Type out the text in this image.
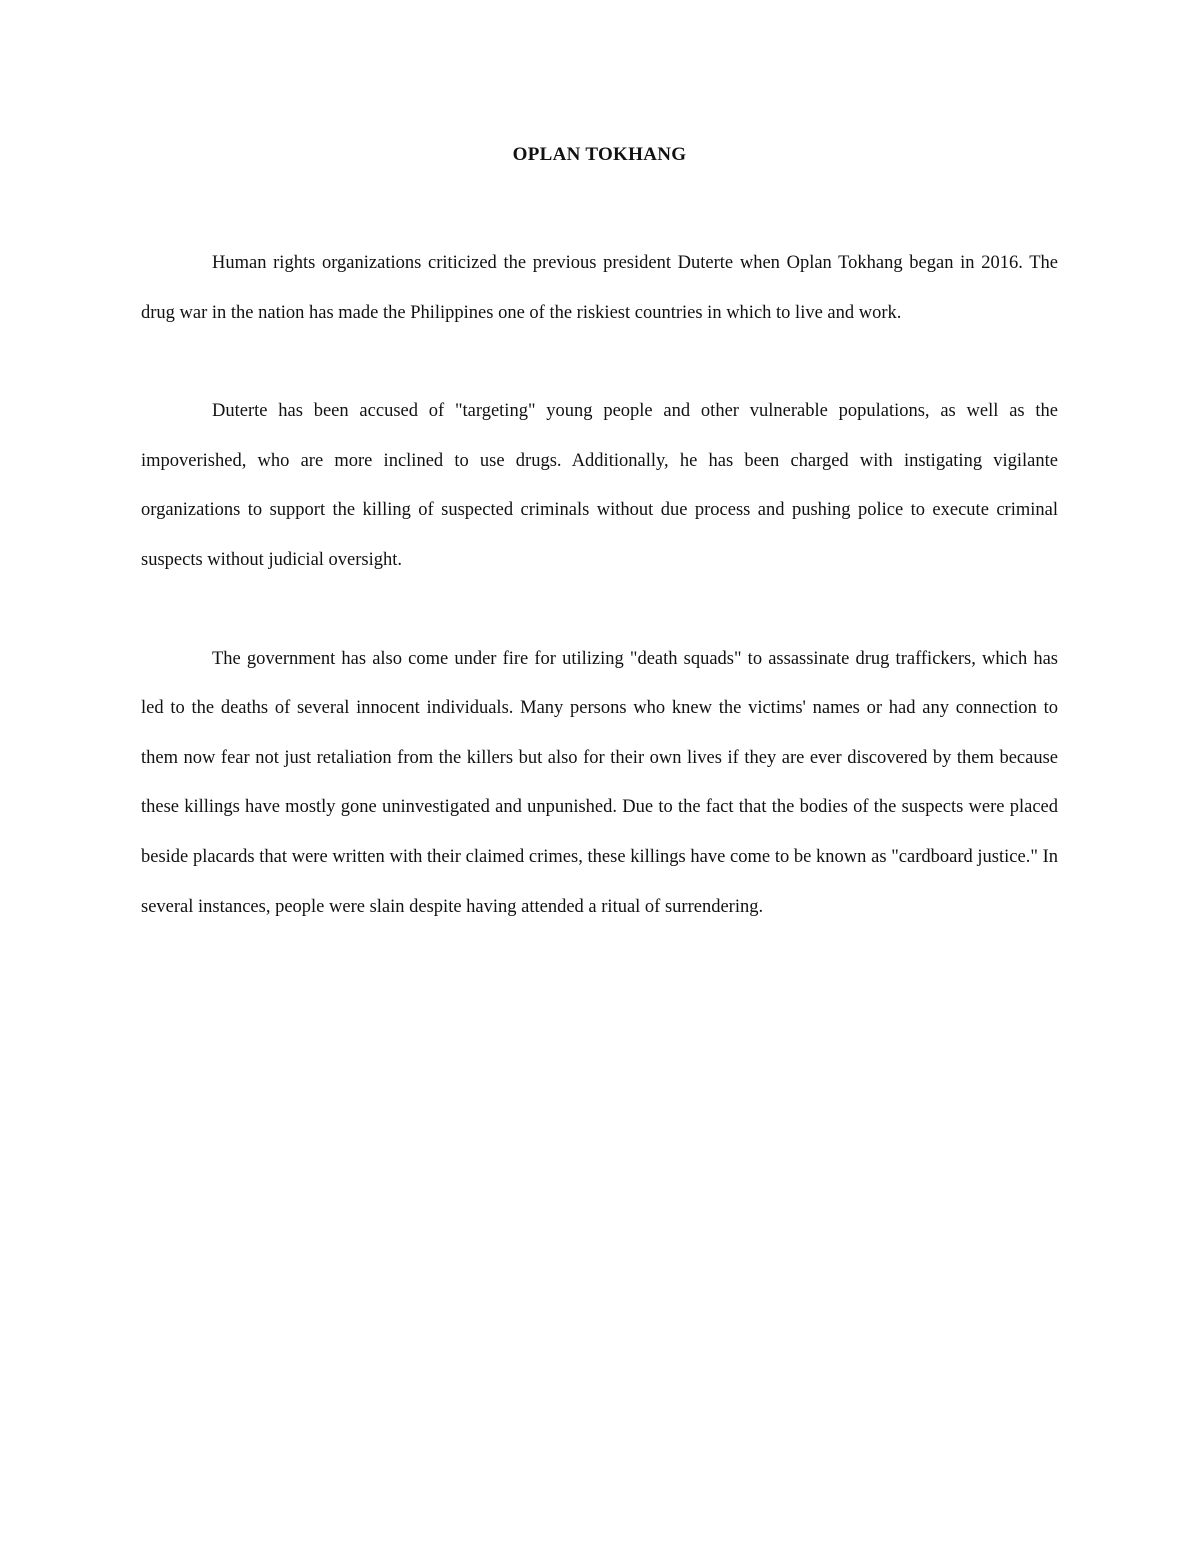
OPLAN TOKHANG

Human rights organizations criticized the previous president Duterte when Oplan Tokhang began in 2016. The drug war in the nation has made the Philippines one of the riskiest countries in which to live and work.

Duterte has been accused of "targeting" young people and other vulnerable populations, as well as the impoverished, who are more inclined to use drugs. Additionally, he has been charged with instigating vigilante organizations to support the killing of suspected criminals without due process and pushing police to execute criminal suspects without judicial oversight.

The government has also come under fire for utilizing "death squads" to assassinate drug traffickers, which has led to the deaths of several innocent individuals. Many persons who knew the victims' names or had any connection to them now fear not just retaliation from the killers but also for their own lives if they are ever discovered by them because these killings have mostly gone uninvestigated and unpunished. Due to the fact that the bodies of the suspects were placed beside placards that were written with their claimed crimes, these killings have come to be known as "cardboard justice." In several instances, people were slain despite having attended a ritual of surrendering.
